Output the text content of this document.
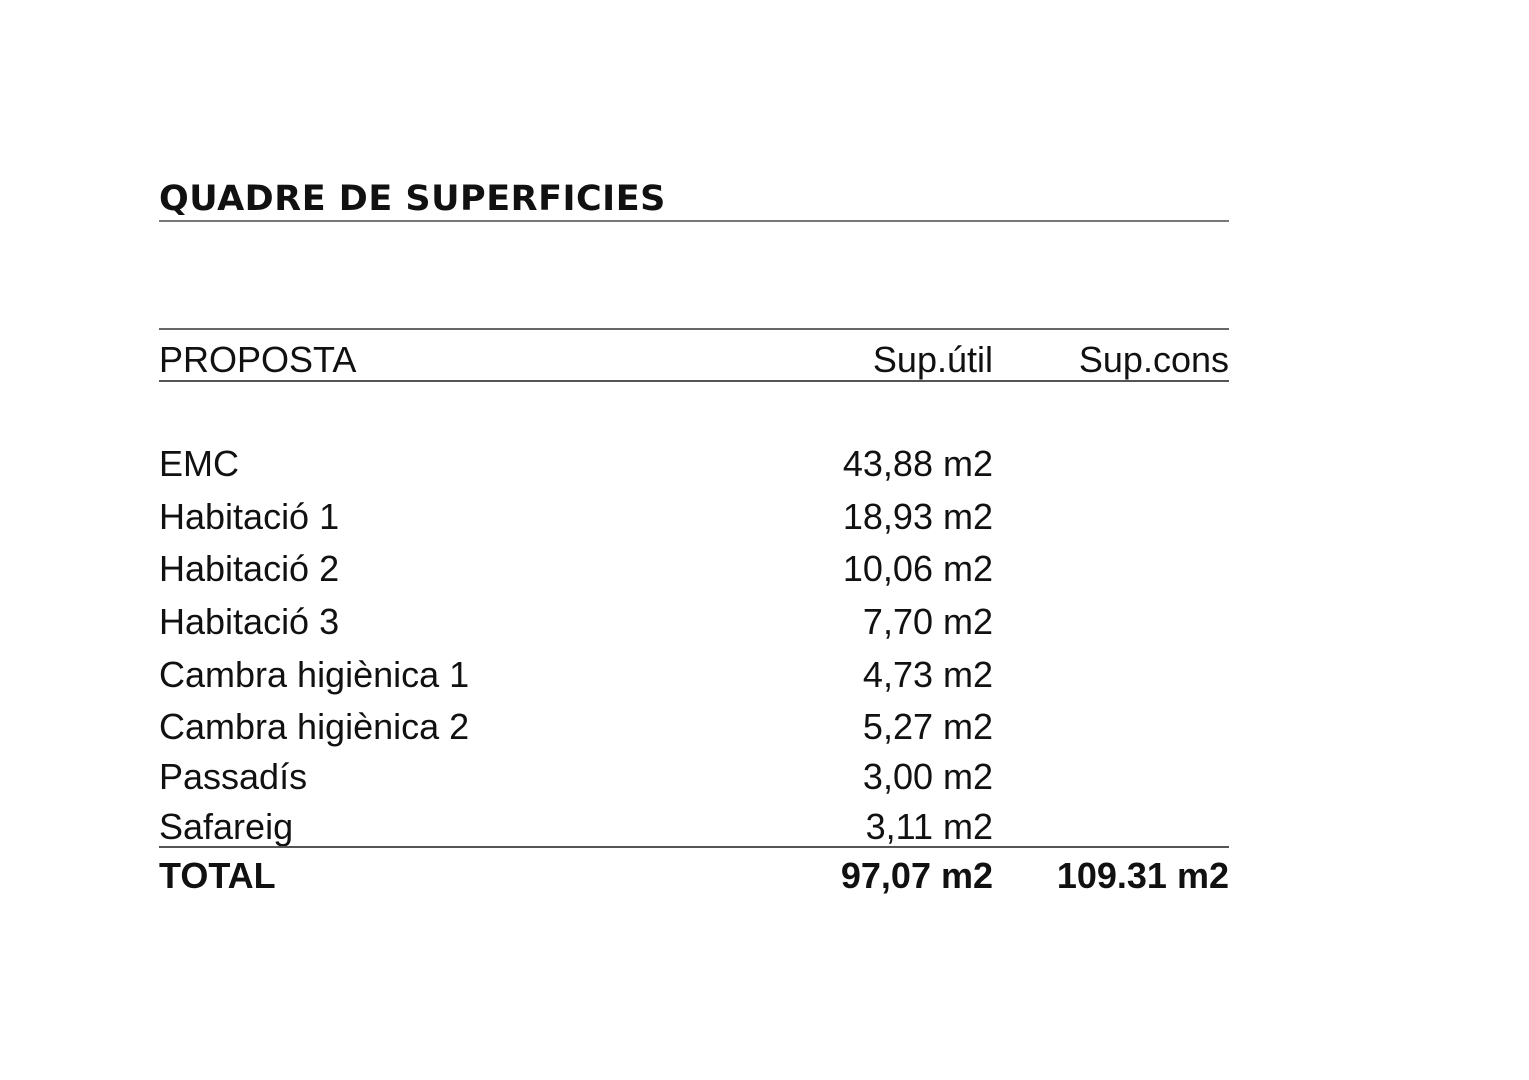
QUADRE DE SUPERFICIES
PROPOSTA	Sup.útil Sup.cons
EMC	43,88 m2
Habitació 1	18,93 m2
Habitació 2	10,06 m2
Habitació 3	7,70 m2
Cambra higiènica 1	4,73 m2
Cambra higiènica 2	5,27 m2
Passadís	3,00 m2
Safareig	3,11 m2
TOTAL	97,07 m2 109.31 m2
